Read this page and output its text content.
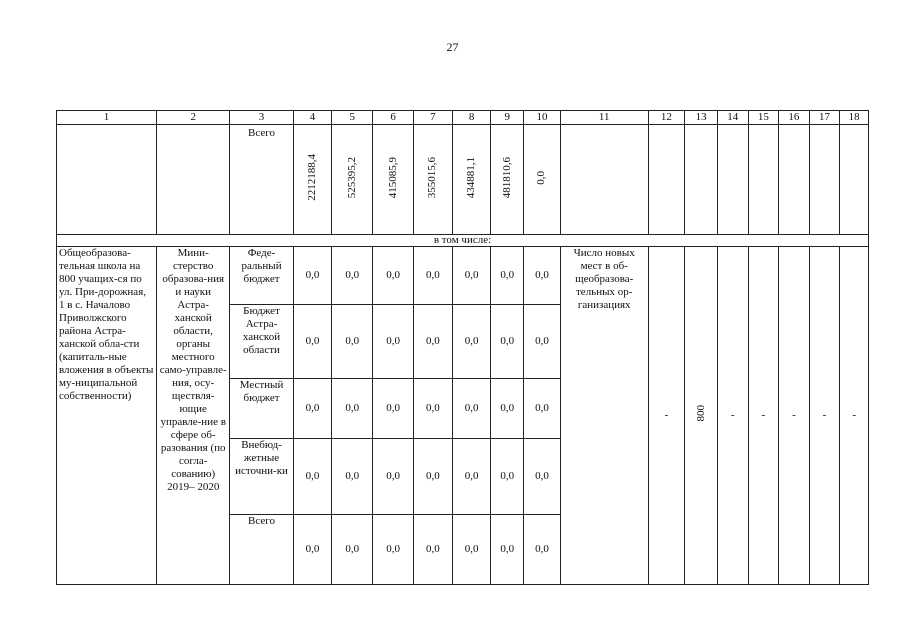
27
1	2	3	4	5	6	7	8	9	10	11	12	13	14	15	16	17	18
		Всего	2212188,4	525395,2	415085,9	355015,6	434881,1	481810,6	0,0								
в том числе:																	
Общеобразова-тельная школа на 800 учащих-ся по ул. При-дорожная, 1 в с. Началово Приволжского района Астра-ханской обла-сти (капиталь-ные вложения в объекты му-ниципальной собственности)	Мини-стерство образова-ния и науки Астра-ханской области, органы местного само-управле-ния, осу-ществля-ющие управле-ние в сфере об-разования (по согла-сованию) 2019– 2020	Феде-ральный бюджет	0,0	0,0	0,0	0,0	0,0	0,0	0,0	Число новых мест в об-щеобразова-тельных ор-ганизациях	-	800	-	-	-	-	-
		Бюджет Астра-ханской области	0,0	0,0	0,0	0,0	0,0	0,0	0,0								
		Местный бюджет	0,0	0,0	0,0	0,0	0,0	0,0	0,0								
		Внебюд-жетные источни-ки	0,0	0,0	0,0	0,0	0,0	0,0	0,0								
		Всего	0,0	0,0	0,0	0,0	0,0	0,0	0,0								
